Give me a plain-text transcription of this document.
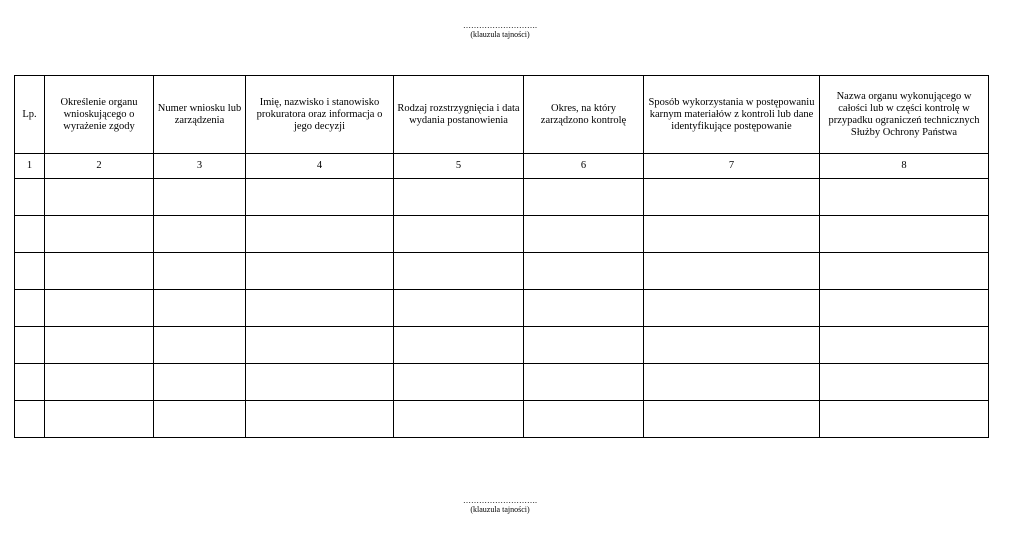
……………………….
(klauzula tajności)
Lp.	Określenie organu wnioskującego o wyrażenie zgody	Numer wniosku lub zarządzenia	Imię, nazwisko i stanowisko prokuratora oraz informacja o jego decyzji	Rodzaj rozstrzygnięcia i data wydania postanowienia	Okres, na który zarządzono kontrolę	Sposób wykorzystania w postępowaniu karnym materiałów z kontroli lub dane identyfikujące postępowanie	Nazwa organu wykonującego w całości lub w części kontrolę w przypadku ograniczeń technicznych Służby Ochrony Państwa
1	2	3	4	5	6	7	8

……………………….
(klauzula tajności)
